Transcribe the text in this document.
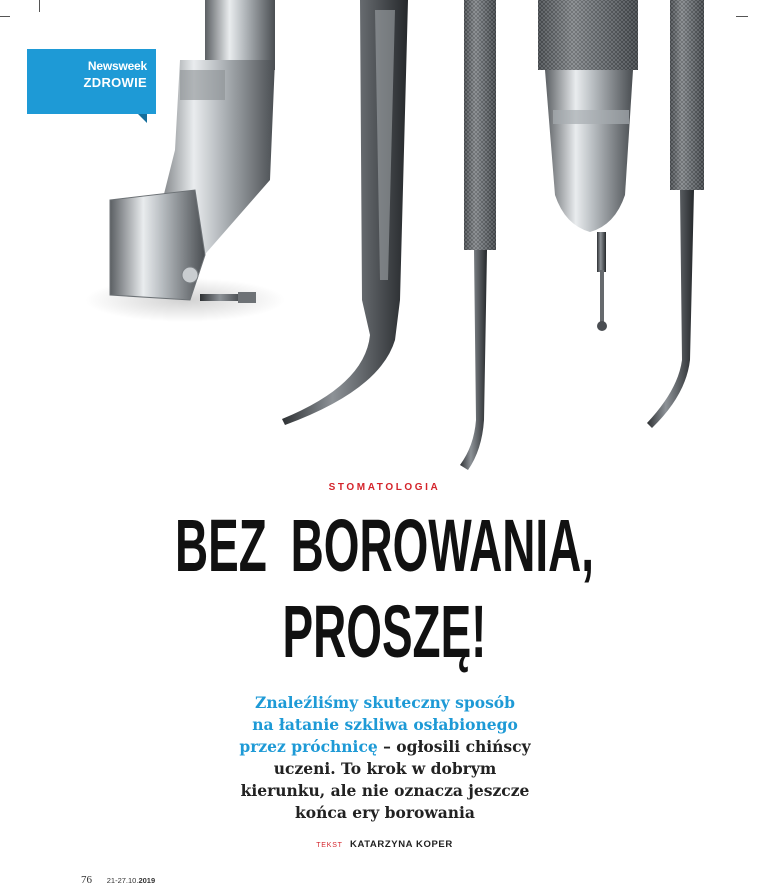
Newsweek
ZDROWIE
STOMATOLOGIA
BEZ BOROWANIA,
PROSZĘ!
Znaleźliśmy skuteczny sposób
na łatanie szkliwa osłabionego
przez próchnicę – ogłosili chińscy
uczeni. To krok w dobrym
kierunku, ale nie oznacza jeszcze
końca ery borowania
TEKST KATARZYNA KOPER
76 21-27.10.2019
